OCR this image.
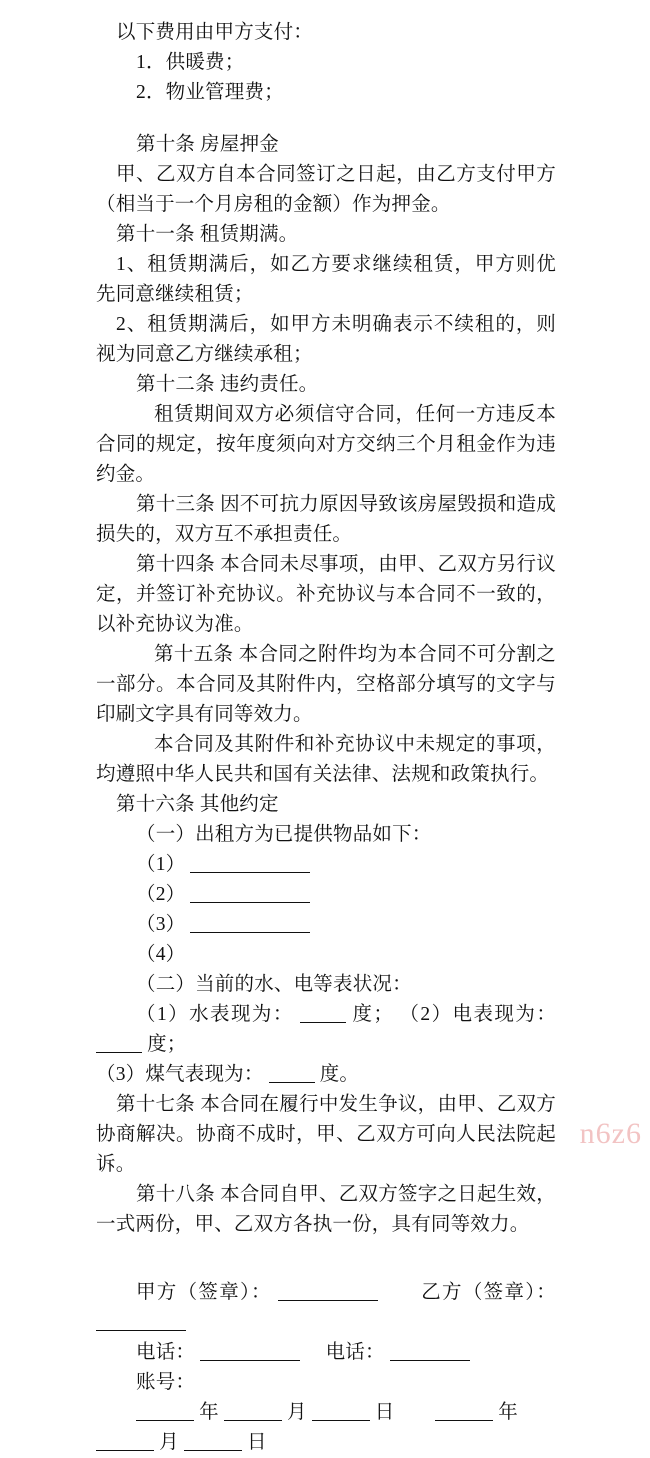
以下费用由甲方支付：

1．供暖费；

2．物业管理费；

第十条 房屋押金

甲、乙双方自本合同签订之日起，由乙方支付甲方（相当于一个月房租的金额）作为押金。

第十一条 租赁期满。

1、租赁期满后，如乙方要求继续租赁，甲方则优先同意继续租赁；

2、租赁期满后，如甲方未明确表示不续租的，则视为同意乙方继续承租；

第十二条 违约责任。

租赁期间双方必须信守合同，任何一方违反本合同的规定，按年度须向对方交纳三个月租金作为违约金。

第十三条 因不可抗力原因导致该房屋毁损和造成损失的，双方互不承担责任。

第十四条 本合同未尽事项，由甲、乙双方另行议定，并签订补充协议。补充协议与本合同不一致的，以补充协议为准。

第十五条 本合同之附件均为本合同不可分割之一部分。本合同及其附件内，空格部分填写的文字与印刷文字具有同等效力。

本合同及其附件和补充协议中未规定的事项，均遵照中华人民共和国有关法律、法规和政策执行。

第十六条 其他约定

（一）出租方为已提供物品如下：

（1）

（2）

（3）

（4）

（二）当前的水、电等表状况：

（1）水表现为：	度； （2）电表现为：  度；

（3）煤气表现为：	度。

第十七条 本合同在履行中发生争议，由甲、乙双方协商解决。协商不成时，甲、乙双方可向人民法院起诉。

第十八条 本合同自甲、乙双方签字之日起生效，一式两份，甲、乙双方各执一份，具有同等效力。

甲方（签章）：	乙方（签章）：

电话：	电话：

账号：

年	月	日	年

月	日

n6z6
